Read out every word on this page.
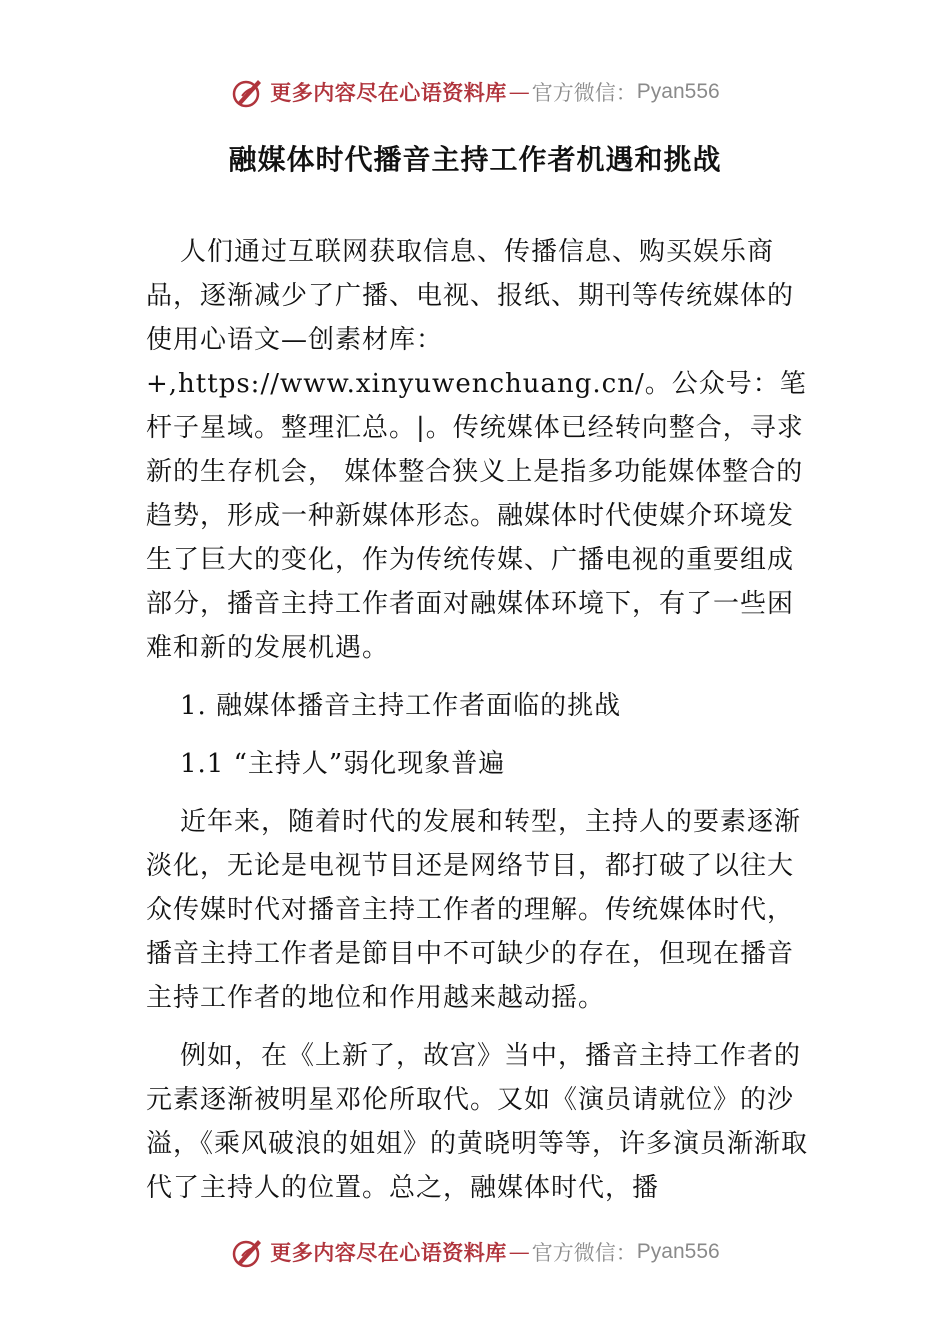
更多内容尽在心语资料库 — 官方微信： Pyan556
融媒体时代播音主持工作者机遇和挑战

人们通过互联网获取信息、传播信息、购买娱乐商品，逐渐减少了广播、电视、报纸、期刊等传统媒体的使用心语文—创素材库：+,https://www.xinyuwenchuang.cn/。公众号：笔杆子星域。整理汇总。|。传统媒体已经转向整合，寻求新的生存机会， 媒体整合狭义上是指多功能媒体整合的趋势，形成一种新媒体形态。融媒体时代使媒介环境发生了巨大的变化，作为传统传媒、广播电视的重要组成部分，播音主持工作者面对融媒体环境下，有了一些困难和新的发展机遇。

1. 融媒体播音主持工作者面临的挑战

1.1 “主持人”弱化现象普遍

近年来，随着时代的发展和转型，主持人的要素逐渐淡化，无论是电视节目还是网络节目，都打破了以往大众传媒时代对播音主持工作者的理解。传统媒体时代，播音主持工作者是節目中不可缺少的存在，但现在播音主持工作者的地位和作用越来越动摇。

例如，在《上新了，故宫》当中，播音主持工作者的元素逐渐被明星邓伦所取代。又如《演员请就位》的沙溢，《乘风破浪的姐姐》的黄晓明等等，许多演员渐渐取代了主持人的位置。总之，融媒体时代，播

更多内容尽在心语资料库 — 官方微信： Pyan556
